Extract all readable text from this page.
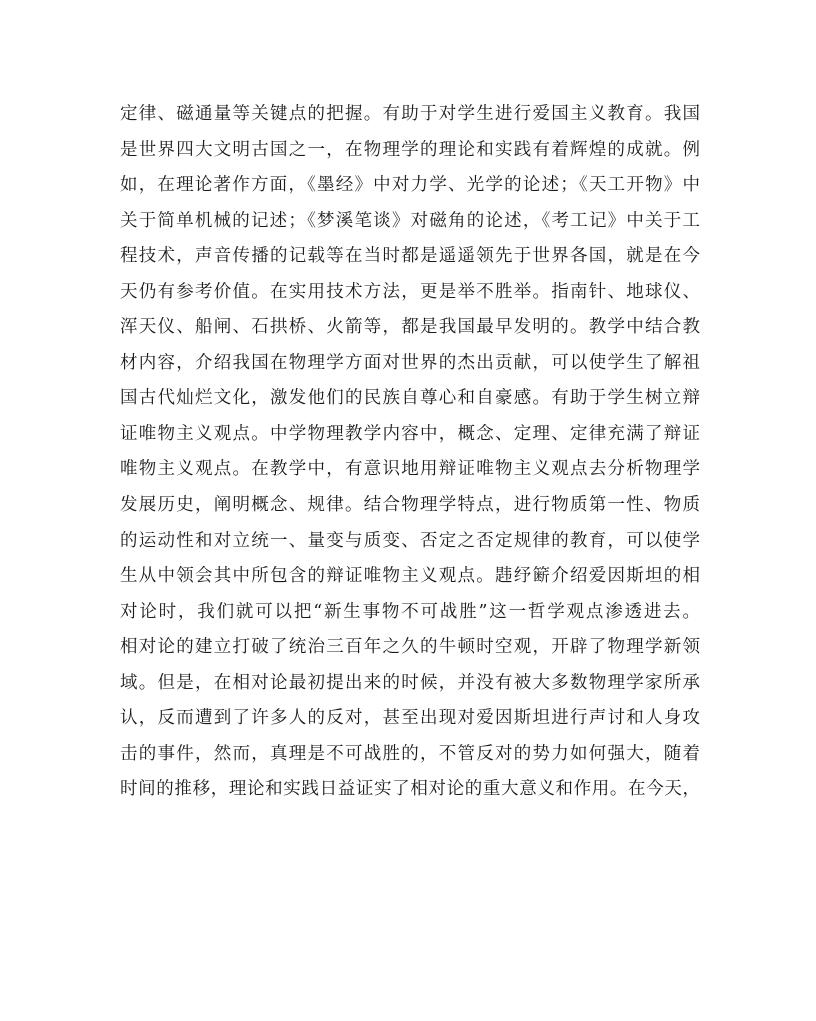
定律、磁通量等关键点的把握。有助于对学生进行爱国主义教育。我国
是世界四大文明古国之一，在物理学的理论和实践有着辉煌的成就。例
如，在理论著作方面，《墨经》中对力学、光学的论述；《天工开物》中
关于简单机械的记述；《梦溪笔谈》对磁角的论述，《考工记》中关于工
程技术，声音传播的记载等在当时都是遥遥领先于世界各国，就是在今
天仍有参考价值。在实用技术方法，更是举不胜举。指南针、地球仪、
浑天仪、船闸、石拱桥、火箭等，都是我国最早发明的。教学中结合教
材内容，介绍我国在物理学方面对世界的杰出贡献，可以使学生了解祖
国古代灿烂文化，激发他们的民族自尊心和自豪感。有助于学生树立辩
证唯物主义观点。中学物理教学内容中，概念、定理、定律充满了辩证
唯物主义观点。在教学中，有意识地用辩证唯物主义观点去分析物理学
发展历史，阐明概念、规律。结合物理学特点，进行物质第一性、物质
的运动性和对立统一、量变与质变、否定之否定规律的教育，可以使学
生从中领会其中所包含的辩证唯物主义观点。韪纾簖介绍爱因斯坦的相
对论时，我们就可以把“新生事物不可战胜”这一哲学观点渗透进去。
相对论的建立打破了统治三百年之久的牛顿时空观，开辟了物理学新领
域。但是，在相对论最初提出来的时候，并没有被大多数物理学家所承
认，反而遭到了许多人的反对，甚至出现对爱因斯坦进行声讨和人身攻
击的事件，然而，真理是不可战胜的，不管反对的势力如何强大，随着
时间的推移，理论和实践日益证实了相对论的重大意义和作用。在今天，
